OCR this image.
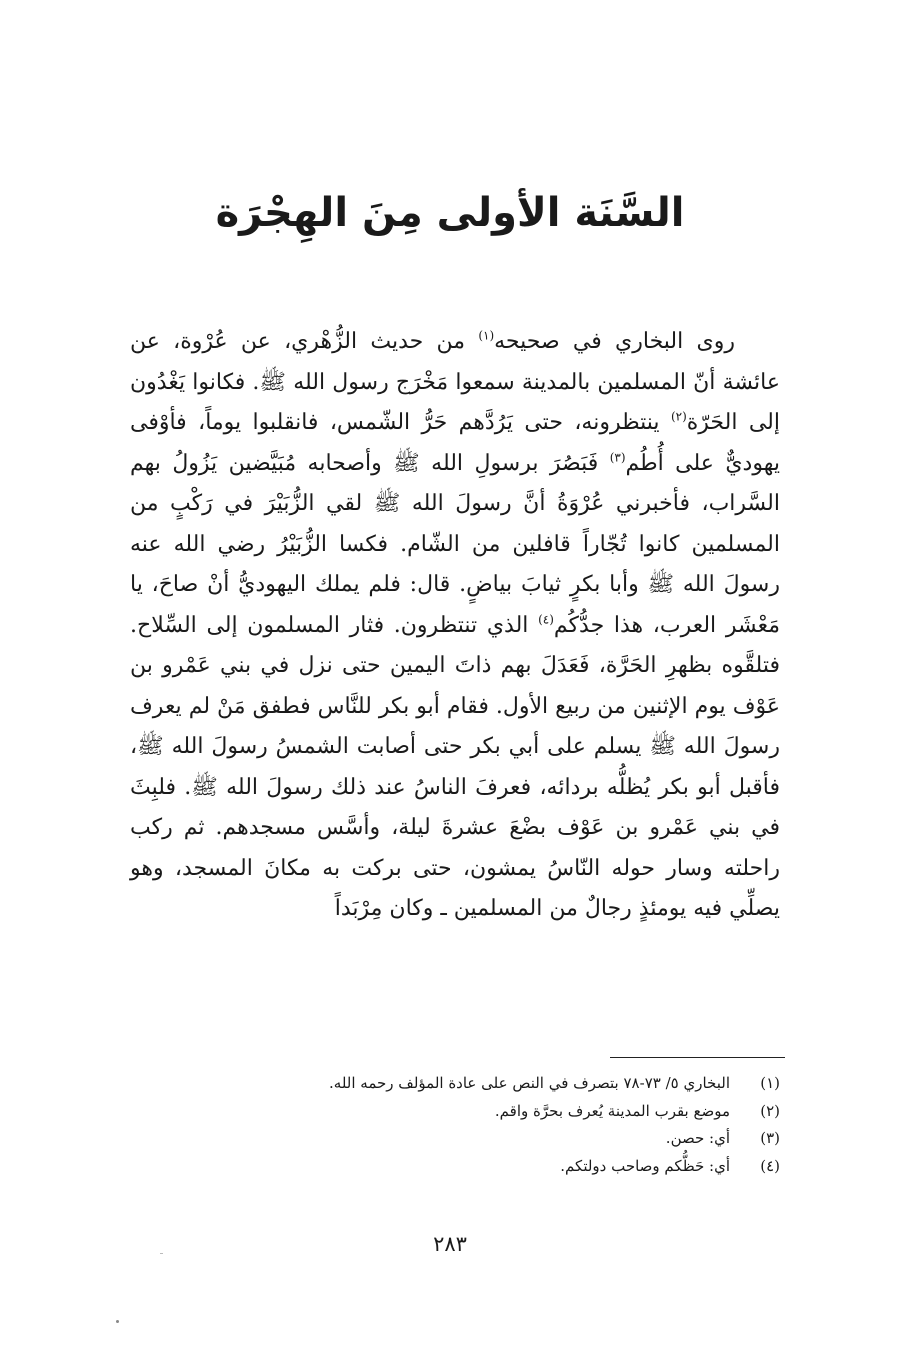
السَّنَة الأولى مِنَ الهِجْرَة

روى البخاري في صحيحه$^{(١)}$ من حديث الزُّهْري، عن عُرْوة، عن عائشة أنّ المسلمين بالمدينة سمعوا مَخْرَج رسول الله ﷺ. فكانوا يَغْدُون إلى الحَرّة$^{(٢)}$ ينتظرونه، حتى يَرُدَّهم حَرُّ الشّمس، فانقلبوا يوماً، فأوْفى يهوديٌّ على أُطُم$^{(٣)}$ فَبَصُرَ برسولِ الله ﷺ وأصحابه مُبَيَّضين يَزُولُ بهم السَّراب، فأخبرني عُرْوَةُ أنَّ رسولَ الله ﷺ لقي الزُّبَيْرَ في رَكْبٍ من المسلمين كانوا تُجّاراً قافلين من الشّام. فكسا الزُّبَيْرُ رضي الله عنه رسولَ الله ﷺ وأبا بكرٍ ثيابَ بياضٍ. قال: فلم يملك اليهوديُّ أنْ صاحَ، يا مَعْشَر العرب، هذا جدُّكُم$^{(٤)}$ الذي تنتظرون. فثار المسلمون إلى السِّلاح. فتلقَّوه بظهرِ الحَرَّة، فَعَدَلَ بهم ذاتَ اليمين حتى نزل في بني عَمْرو بن عَوْف يوم الإثنين من ربيع الأول. فقام أبو بكر للنَّاس فطفق مَنْ لم يعرف رسولَ الله ﷺ يسلم على أبي بكر حتى أصابت الشمسُ رسولَ الله ﷺ، فأقبل أبو بكر يُظلُّه بردائه، فعرفَ الناسُ عند ذلك رسولَ الله ﷺ. فلبِثَ في بني عَمْرو بن عَوْف بضْعَ عشرةَ ليلة، وأسَّس مسجدهم. ثم ركب راحلته وسار حوله النّاسُ يمشون، حتى بركت به مكانَ المسجد، وهو يصلِّي فيه يومئذٍ رجالٌ من المسلمين ـ وكان مِرْبَداً

(١)
البخاري ٥/ ٧٣-٧٨ بتصرف في النص على عادة المؤلف رحمه الله.
(٢)
موضع بقرب المدينة يُعرف بحرَّة واقم.
(٣)
أي: حصن.
(٤)
أي: حَظُّكم وصاحب دولتكم.
٢٨٣
